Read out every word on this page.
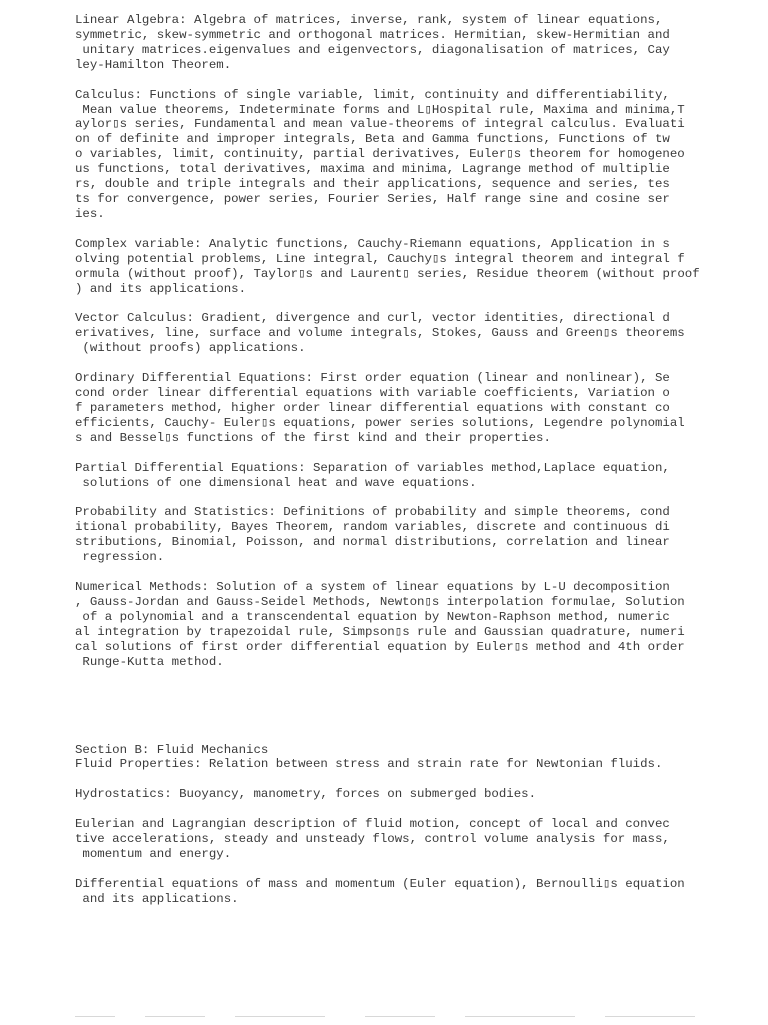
Linear Algebra: Algebra of matrices, inverse, rank, system of linear equations,
symmetric, skew-symmetric and orthogonal matrices. Hermitian, skew-Hermitian and
unitary matrices.eigenvalues and eigenvectors, diagonalisation of matrices, Cay
ley-Hamilton Theorem.
Calculus: Functions of single variable, limit, continuity and differentiability,
Mean value theorems, Indeterminate forms and L▯Hospital rule, Maxima and minima,T
aylor▯s series, Fundamental and mean value-theorems of integral calculus. Evaluati
on of definite and improper integrals, Beta and Gamma functions, Functions of tw
o variables, limit, continuity, partial derivatives, Euler▯s theorem for homogeneo
us functions, total derivatives, maxima and minima, Lagrange method of multiplie
rs, double and triple integrals and their applications, sequence and series, tes
ts for convergence, power series, Fourier Series, Half range sine and cosine ser
ies.
Complex variable: Analytic functions, Cauchy-Riemann equations, Application in s
olving potential problems, Line integral, Cauchy▯s integral theorem and integral f
ormula (without proof), Taylor▯s and Laurent▯ series, Residue theorem (without proof
) and its applications.
Vector Calculus: Gradient, divergence and curl, vector identities, directional d
erivatives, line, surface and volume integrals, Stokes, Gauss and Green▯s theorems
(without proofs) applications.
Ordinary Differential Equations: First order equation (linear and nonlinear), Se
cond order linear differential equations with variable coefficients, Variation o
f parameters method, higher order linear differential equations with constant co
efficients, Cauchy- Euler▯s equations, power series solutions, Legendre polynomial
s and Bessel▯s functions of the first kind and their properties.
Partial Differential Equations: Separation of variables method,Laplace equation,
solutions of one dimensional heat and wave equations.
Probability and Statistics: Definitions of probability and simple theorems, cond
itional probability, Bayes Theorem, random variables, discrete and continuous di
stributions, Binomial, Poisson, and normal distributions, correlation and linear
regression.
Numerical Methods: Solution of a system of linear equations by L-U decomposition
, Gauss-Jordan and Gauss-Seidel Methods, Newton▯s interpolation formulae, Solution
of a polynomial and a transcendental equation by Newton-Raphson method, numeric
al integration by trapezoidal rule, Simpson▯s rule and Gaussian quadrature, numeri
cal solutions of first order differential equation by Euler▯s method and 4th order
Runge-Kutta method.
Section B: Fluid Mechanics
Fluid Properties: Relation between stress and strain rate for Newtonian fluids.
Hydrostatics: Buoyancy, manometry, forces on submerged bodies.
Eulerian and Lagrangian description of fluid motion, concept of local and convec
tive accelerations, steady and unsteady flows, control volume analysis for mass,
momentum and energy.
Differential equations of mass and momentum (Euler equation), Bernoulli▯s equation
and its applications.
